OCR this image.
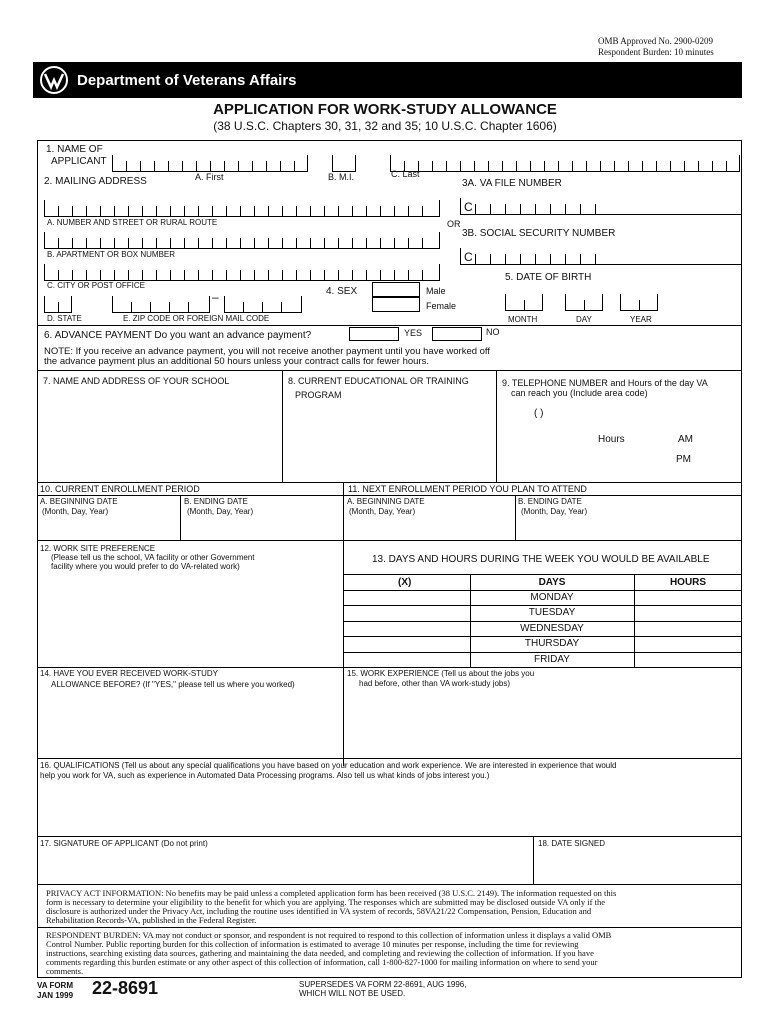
OMB Approved No. 2900-0209
Respondent Burden: 10 minutes
Department of Veterans Affairs
APPLICATION FOR WORK-STUDY ALLOWANCE
(38 U.S.C. Chapters 30, 31, 32 and 35; 10 U.S.C. Chapter 1606)
1. NAME OF
APPLICANT
A. First	B. M.I.	C. Last
2. MAILING ADDRESS	3A. VA FILE NUMBER
C
OR
3B. SOCIAL SECURITY NUMBER
C
A. NUMBER AND STREET OR RURAL ROUTE
B. APARTMENT OR BOX NUMBER
C. CITY OR POST OFFICE
–
D. STATE	E. ZIP CODE OR FOREIGN MAIL CODE
4. SEX	Male
Female
5. DATE OF BIRTH
MONTH	DAY	YEAR
6. ADVANCE PAYMENT Do you want an advance payment?	YES	NO
NOTE: If you receive an advance payment, you will not receive another payment until you have worked off
the advance payment plus an additional 50 hours unless your contract calls for fewer hours.
7. NAME AND ADDRESS OF YOUR SCHOOL	8. CURRENT EDUCATIONAL OR TRAINING
PROGRAM
9. TELEPHONE NUMBER and Hours of the day VA
can reach you (Include area code)
( )
Hours	AM
PM
10. CURRENT ENROLLMENT PERIOD	11. NEXT ENROLLMENT PERIOD YOU PLAN TO ATTEND
A. BEGINNING DATE
(Month, Day, Year)
B. ENDING DATE
(Month, Day, Year)
A. BEGINNING DATE
(Month, Day, Year)
B. ENDING DATE
(Month, Day, Year)
12. WORK SITE PREFERENCE
(Please tell us the school, VA facility or other Government
facility where you would prefer to do VA-related work)
13. DAYS AND HOURS DURING THE WEEK YOU WOULD BE AVAILABLE
(X)	DAYS	HOURS
MONDAY
TUESDAY
WEDNESDAY
THURSDAY
FRIDAY
14. HAVE YOU EVER RECEIVED WORK-STUDY
ALLOWANCE BEFORE? (If "YES," please tell us where you worked)
15. WORK EXPERIENCE (Tell us about the jobs you
had before, other than VA work-study jobs)
16. QUALIFICATIONS (Tell us about any special qualifications you have based on your education and work experience. We are interested in experience that would
help you work for VA, such as experience in Automated Data Processing programs. Also tell us what kinds of jobs interest you.)
17. SIGNATURE OF APPLICANT (Do not print)	18. DATE SIGNED
PRIVACY ACT INFORMATION: No benefits may be paid unless a completed application form has been received (38 U.S.C. 2149). The information requested on this
form is necessary to determine your eligibility to the benefit for which you are applying. The responses which are submitted may be disclosed outside VA only if the
disclosure is authorized under the Privacy Act, including the routine uses identified in VA system of records, 58VA21/22 Compensation, Pension, Education and
Rehabilitation Records-VA, published in the Federal Register.
RESPONDENT BURDEN: VA may not conduct or sponsor, and respondent is not required to respond to this collection of information unless it displays a valid OMB
Control Number. Public reporting burden for this collection of information is estimated to average 10 minutes per response, including the time for reviewing
instructions, searching existing data sources, gathering and maintaining the data needed, and completing and reviewing the collection of information. If you have
comments regarding this burden estimate or any other aspect of this collection of information, call 1-800-827-1000 for mailing information on where to send your
comments.
VA FORM
JAN 1999 22-8691	SUPERSEDES VA FORM 22-8691, AUG 1996,
WHICH WILL NOT BE USED.
